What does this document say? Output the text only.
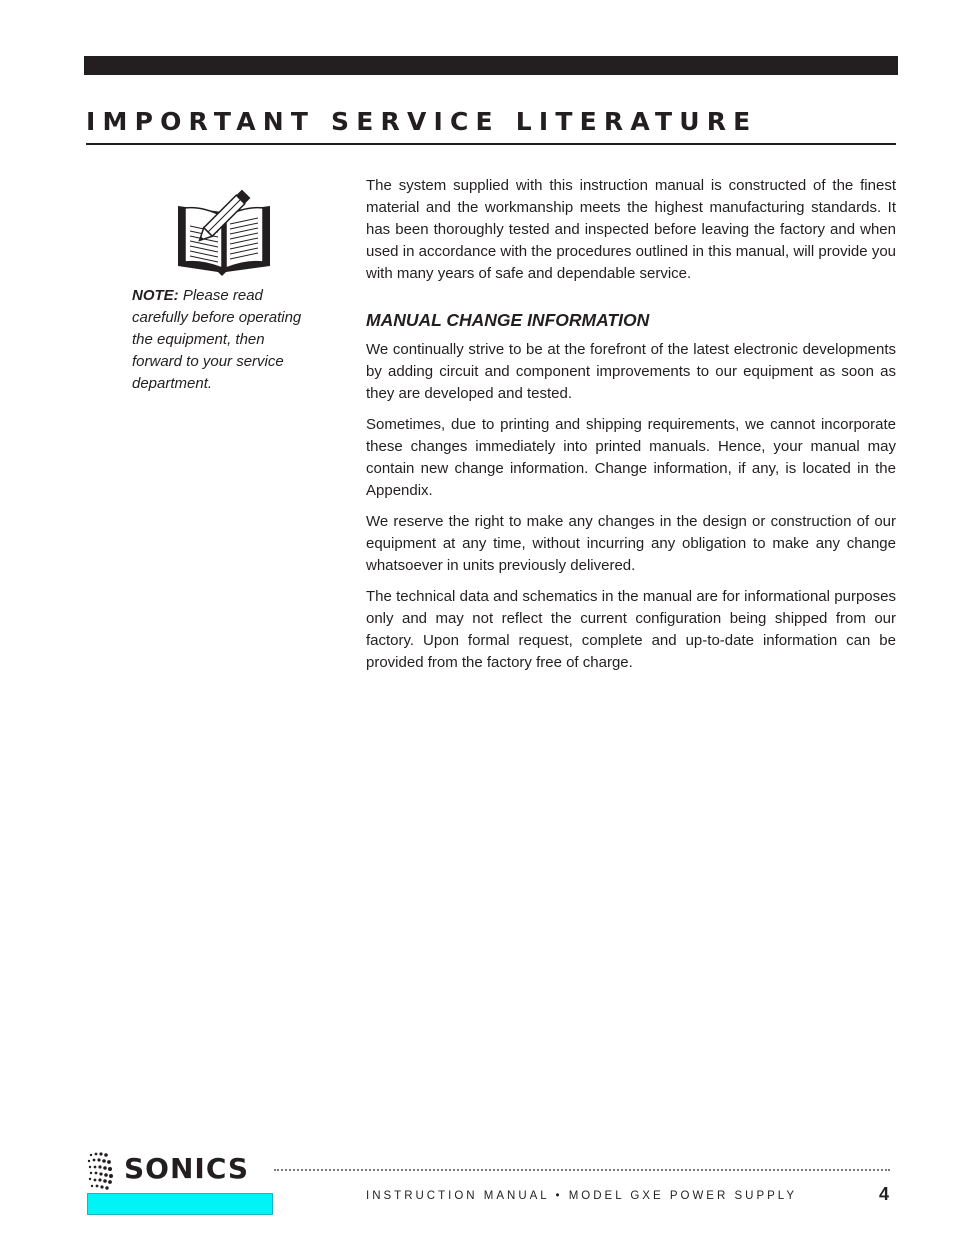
IMPORTANT SERVICE LITERATURE

NOTE: Please read carefully before operating the equipment, then forward to your service department.

The system supplied with this instruction manual is constructed of the finest material and the workmanship meets the highest manufacturing standards. It has been thoroughly tested and inspected before leaving the factory and when used in accordance with the procedures outlined in this manual, will provide you with many years of safe and dependable service.

MANUAL CHANGE INFORMATION

We continually strive to be at the forefront of the latest electronic developments by adding circuit and component improvements to our equipment as soon as they are developed and tested.

Sometimes, due to printing and shipping requirements, we cannot incorporate these changes immediately into printed manuals. Hence, your manual may contain new change information. Change information, if any, is located in the Appendix.

We reserve the right to make any changes in the design or construction of our equipment at any time, without incurring any obligation to make any change whatsoever in units previously delivered.

The technical data and schematics in the manual are for informational purposes only and may not reflect the current configuration being shipped from our factory. Upon formal request, complete and up-to-date information can be provided from the factory free of charge.

SONICS
INSTRUCTION MANUAL • MODEL GXE POWER SUPPLY	4
